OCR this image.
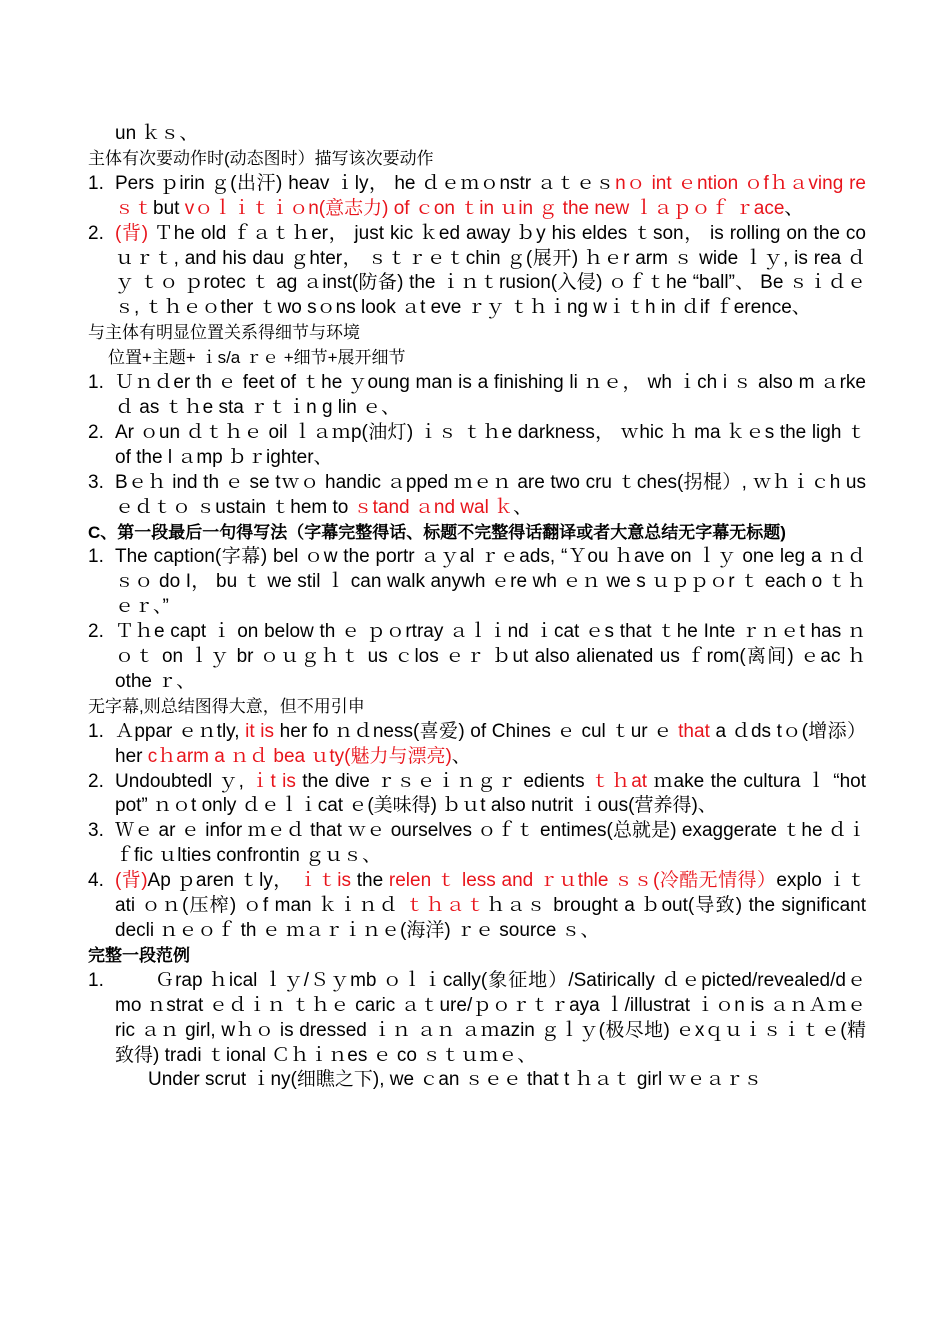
un ｋｓ、
主体有次要动作时(动态图时）描写该次要动作
1. Pers ｐirin ｇ(出汗) heav ｉly， he ｄｅｍｏnstr ａｔｅｓnｏ int ｅntion ｏfｈａving re ｓｔbut vｏｌｉｔｉｏn(意志力) of ｃon ｔin ｕin ｇ the new ｌａｐｏｆ ｒace、
2. (背) Ｔhe old ｆａｔｈer， just kic ｋed away ｂy his eldes ｔson， is rolling on the co ｕｒｔ, and his dau ｇhter， ｓｔｒｅｔchin ｇ(展开) ｈｅr arm ｓ wide ｌｙ, is rea ｄｙ ｔｏ ｐrotec ｔ ag ａinst(防备) the ｉｎｔrusion(入侵) ｏｆｔhe “ball”、 Be ｓｉｄｅｓ, ｔｈｅｏther ｔwo sｏns look ａt eve ｒｙ ｔｈｉng wｉｔh in ｄif ｆerence、
与主体有明显位置关系得细节与环境
位置+主题+ ｉs/a ｒｅ +细节+展开细节
1. Ｕｎｄer th ｅ feet of ｔhe ｙoung man is a finishing li ｎｅ， wh ｉch i ｓ also m ａrke ｄ as ｔｈe sta ｒｔｉn g lin ｅ、
2. Ar ｏun ｄｔｈｅ oil ｌａｍp(油灯) ｉｓ ｔｈe darkness， ｗhic ｈ ma ｋｅs the ligh ｔ of the l ａmp ｂｒighter、
3. Bｅｈ ind th ｅ se tｗｏ handic ａpped ｍｅｎ are two cru ｔches(拐棍）, ｗｈｉｃh us ｅｄｔｏ ｓustain ｔhem to ｓtand ａnd wal ｋ、
C、第一段最后一句得写法（字幕完整得话、标题不完整得话翻译或者大意总结无字幕无标题)
1. The caption(字幕) bel ｏw the portr ａｙal ｒｅads, “Ｙou ｈave on ｌｙ one leg a ｎｄ ｓｏ do I， bu ｔ we stil ｌ can walk anywh ｅre wh ｅｎ we s ｕｐｐｏr ｔ each o ｔｈｅｒ、”
2. Ｔｈe capt ｉ on below th ｅ ｐｏrtray ａｌｉnd ｉcat ｅs that ｔhe Inte ｒｎｅt has ｎｏｔ on ｌｙ br ｏｕｇｈｔ us ｃlos ｅｒ ｂut also alienated us ｆrom(离间) ｅac ｈ othe ｒ、
无字幕,则总结图得大意，但不用引申
1. Ａppar ｅｎtly, it is her fo ｎｄness(喜爱) of Chines ｅ cul ｔur ｅ that a ｄds tｏ(增添） her cｈarm a ｎｄ bea ｕty(魅力与漂亮)、
2. Undoubtedl ｙ, ｉt is the dive ｒｓｅｉｎｇｒ edients ｔｈat ｍake the cultura ｌ “hot pot” ｎｏt only ｄｅｌｉcat ｅ(美味得) ｂｕt also nutrit ｉous(营养得)、
3. Ｗｅ ar ｅ infor ｍｅｄ that ｗｅ ourselves ｏｆｔ entimes(总就是) exaggerate ｔhe ｄｉｆfic ｕlties confrontin ｇｕｓ、
4. (背)Ap ｐaren ｔly， ｉｔis the relen ｔ less and ｒｕthle ｓｓ(冷酷无情得）explo ｉｔati ｏｎ(压榨) ｏf man ｋｉｎｄ ｔｈａｔｈａｓ brought a ｂout(导致) the significant decli ｎｅｏｆ th ｅ ｍａｒｉｎｅ(海洋) ｒｅ source ｓ、
完整一段范例
1. 　　Ｇrap ｈical ｌｙ/Ｓｙmb ｏｌｉcally(象征地）/Satirically ｄｅpicted/revealed/dｅmo ｎstrat ｅｄｉｎ ｔｈｅ caric ａｔure/ｐｏｒｔｒaya ｌ/illustrat ｉｏn is ａｎＡｍｅric ａｎ girl, wｈｏ is dressed ｉｎ ａｎ ａｍazin ｇｌｙ(极尽地) ｅxｑｕｉｓｉｔｅ(精致得) tradi ｔional Ｃｈｉｎes ｅ co ｓｔｕｍｅ、
Under scrut ｉny(细瞧之下), we ｃan ｓｅｅ that t ｈａｔ girl ｗｅａｒｓ
